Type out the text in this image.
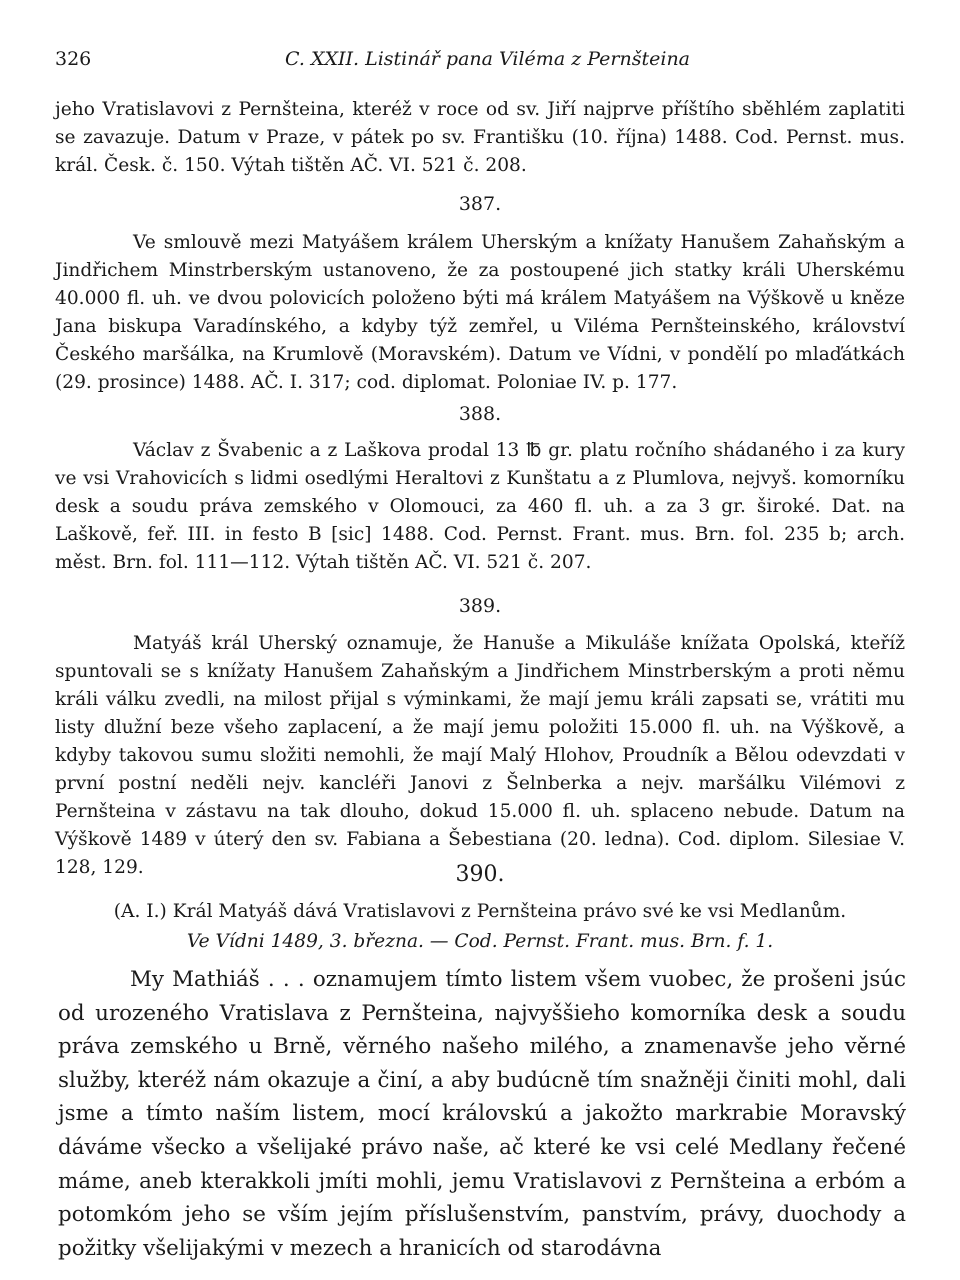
326	C. XXII. Listinář pana Viléma z Pernšteina
jeho Vratislavovi z Pernšteina, kteréž v roce od sv. Jiří najprve příštího sběhlém zaplatiti se zavazuje. Datum v Praze, v pátek po sv. Františku (10. října) 1488. Cod. Pernst. mus. král. Česk. č. 150. Výtah tištěn AČ. VI. 521 č. 208.
387.
Ve smlouvě mezi Matyášem králem Uherským a knížaty Hanušem Zahaňským a Jindřichem Minstrberským ustanoveno, že za postoupené jich statky králi Uherskému 40.000 fl. uh. ve dvou polovicích položeno býti má králem Matyášem na Výškově u kněze Jana biskupa Varadínského, a kdyby týž zemřel, u Viléma Pernšteinského, království Českého maršálka, na Krumlově (Moravském). Datum ve Vídni, v pondělí po mlaďátkách (29. prosince) 1488. AČ. I. 317; cod. diplomat. Poloniae IV. p. 177.
388.
Václav z Švabenic a z Laškova prodal 13 ℔ gr. platu ročního shádaného i za kury ve vsi Vrahovicích s lidmi osedlými Heraltovi z Kunštatu a z Plumlova, nejvyš. komorníku desk a soudu práva zemského v Olomouci, za 460 fl. uh. a za 3 gr. široké. Dat. na Laškově, feř. III. in festo B [sic] 1488. Cod. Pernst. Frant. mus. Brn. fol. 235 b; arch. měst. Brn. fol. 111—112. Výtah tištěn AČ. VI. 521 č. 207.
389.
Matyáš král Uherský oznamuje, že Hanuše a Mikuláše knížata Opolská, kteříž spuntovali se s knížaty Hanušem Zahaňským a Jindřichem Minstrberským a proti němu králi válku zvedli, na milost přijal s výminkami, že mají jemu králi zapsati se, vrátiti mu listy dlužní beze všeho zaplacení, a že mají jemu položiti 15.000 fl. uh. na Výškově, a kdyby takovou sumu složiti nemohli, že mají Malý Hlohov, Proudník a Bělou odevzdati v první postní neděli nejv. kancléři Janovi z Šelnberka a nejv. maršálku Vilémovi z Pernšteina v zástavu na tak dlouho, dokud 15.000 fl. uh. splaceno nebude. Datum na Výškově 1489 v úterý den sv. Fabiana a Šebestiana (20. ledna). Cod. diplom. Silesiae V. 128, 129.	390.
(A. I.) Král Matyáš dává Vratislavovi z Pernšteina právo své ke vsi Medlanům.
Ve Vídni 1489, 3. března. — Cod. Pernst. Frant. mus. Brn. f. 1.
My Mathiáš . . . oznamujem tímto listem všem vuobec, že prošeni jsúc od urozeného Vratislava z Pernšteina, najvyššieho komorníka desk a soudu práva zemského u Brně, věrného našeho milého, a znamenavše jeho věrné služby, kteréž nám okazuje a činí, a aby budúcně tím snažněji činiti mohl, dali jsme a tímto naším listem, mocí královskú a jakožto markrabie Moravský dáváme všecko a všelijaké právo naše, ač které ke vsi celé Medlany řečené máme, aneb kterakkoli jmíti mohli, jemu Vratislavovi z Pernšteina a erbóm a potomkóm jeho se vším jejím příslušenstvím, panstvím, právy, duochody a požitky všelijakými v mezech a hranicích od starodávna
